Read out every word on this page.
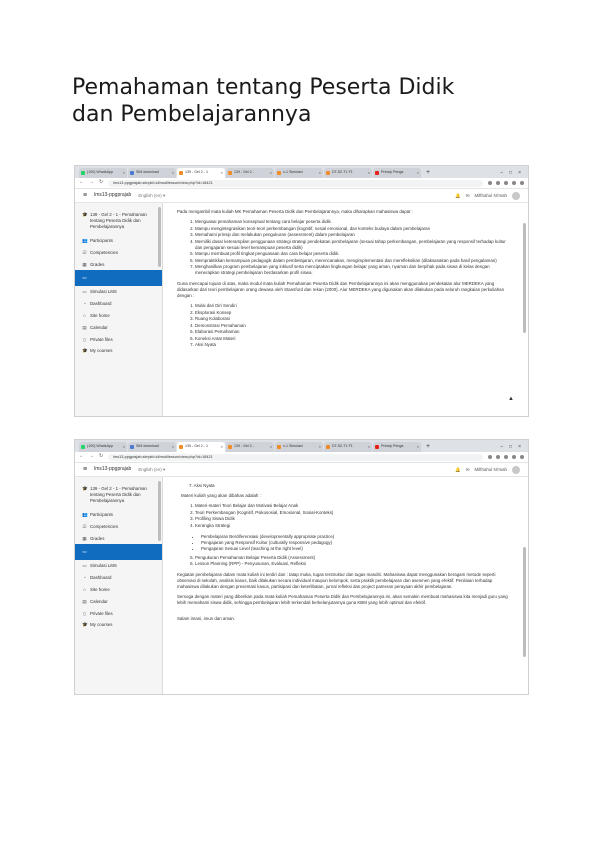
Pemahaman tentang Peserta Didik
dan Pembelajarannya
(100) WhatsApp	×	SIM download	×	139 - Gel 2 - 1	×	139 - Gel 2 -	×	x-1 Simulasi	×	DT-S2-T1 F1	×	Prinsip Penga	×	+	– □ ×
← → ↻	lms13-ppgprajab.simpkb.id/mod/lesson/view.php?id=18421
≡ lms13-ppgprajab English (en) ▾	🔔 ✉ Mifthahul Ni'mah
🎓 139 - Gel 2 - 1 - Pemahaman tentang Peserta Didik dan Pembelajarannya
👥 Participants
☑ Competencies
▦ Grades
▭
▭ Simulasi LMS
◔ Dashboard
⌂ Site home
▤ Calendar
▯ Private files
🎓 My courses

Pada mengambil mata kuliah MK Pemahaman Peserta Didik dan Pembelajarannya, maka diharapkan mahasiswa dapat :

1. Menguasai pemahaman konseptual tentang cara belajar peserta didik.
2. Mampu mengintegrasikan teori-teori perkembangan (kognitif, sosial emosional, dan konteks budaya dalam pembelajaran
3. Memahami prinsip dan melakukan pengukuran (assessment) dalam pembelajaran
4. Memiliki dasar keterampilan penggunaan strategi strategi pendekatan pembelajaran (sesuai tahap perkembangan, pembelajaran yang responsif terhadap kultur dan pengajaran sesuai level kemampuan peserta didik)
5. Mampu membuat profil tingkat penguasaan dan cara belajar peserta didik.
6. Mempraktikkan kemampuan pedagogik dalam pembelajaran, merencanakan, mengimplementasi dan merefleksikan (dilaksanakan pada hasil pengalaman)
7. Menghasilkan program pembelajaran yang inklusif serta menciptakan lingkungan belajar yang aman, nyaman dan berpihak pada siswa di kelas dengan menerapkan strategi pembelajaran berdasarkan profil siswa.

Guna mencapai tujuan di atas, maka modul mata kuliah Pemahaman Peserta Didik dan Pembelajarannya ini akan menggunakan pendekatan alur MERDEKA yang didasarkan dari teori pembelajaran orang dewasa oleh Stansford dan rekan (2000). Alur MERDEKA yang digunakan akan dilakukan pada seluruh rangkaian perkuliahan dengan :

1. Mulai dari Diri Sendiri
2. Eksplorasi Konsep
3. Ruang Kolaborasi
4. Demonstrasi Pemahaman
5. Elaborasi Pemahaman
6. Koneksi Antar Materi
7. Aksi Nyata
▲
(100) WhatsApp	×	SIM download	×	139 - Gel 2 - 1	×	139 - Gel 2 -	×	x-1 Simulasi	×	DT-S2-T1 F1	×	Prinsip Penga	×	+	– □ ×
← → ↻	lms13-ppgprajab.simpkb.id/mod/lesson/view.php?id=18421
≡ lms13-ppgprajab English (en) ▾	🔔 ✉ Mifthahul Ni'mah
🎓 139 - Gel 2 - 1 - Pemahaman tentang Peserta Didik dan Pembelajarannya
👥 Participants
☑ Competencies
▦ Grades
▭
▭ Simulasi LMS
◔ Dashboard
⌂ Site home
▤ Calendar
▯ Private files
🎓 My courses

7. Aksi Nyata

Materi kuliah yang akan dibahas adalah :

1. Materi-materi Teori Belajar dan Motivasi Belajar Anak
2. Teori Perkembangan (Kognitif, Psikososial, Emosional, Sosial-Konteks)
3. Profiling Siswa Didik
4. Kerangka Strategi
• Pembelajaran Berdiferensiasi (developmentally appropriate practice)
• Pengajaran yang Responsif Kultur (culturally responsive pedagogy)
• Pengajaran Sesuai Level (teaching at the right level)
5. Pengukuran Pemahaman Belajar Peserta Didik (Assessment)
6. Lesson Planning (RPP) - Penyusunan, Evaluasi, Refleksi

Kegiatan pembelajaran dalam mata kuliah ini terdiri dari : tatap muka, tugas terstruktur dan tugas mandiri. Mahasiswa dapat menggunakan beragam metode seperti observasi di sekolah, analisis kasus, baik dilakukan secara individual maupun kelompok, serta praktik pembelajaran dan asesmen yang efektif. Penilaian terhadap mahasiswa dilakukan dengan presentasi kasus, partisipasi dan keterlibatan, jurnal refleksi dan project pameran perayaan akhir pembelajaran.

Semoga dengan materi yang diberikan pada mata kuliah Pemahaman Peserta Didik dan Pembelajarannya ini, akan semakin membuat mahasiswa kita menjadi guru yang lebih memahami siswa didik, sehingga pembelajaran lebih terkendali berkelanjutannya guna KBM yang lebih optimal dan efektif.

Salam imani, imun dan aman.
